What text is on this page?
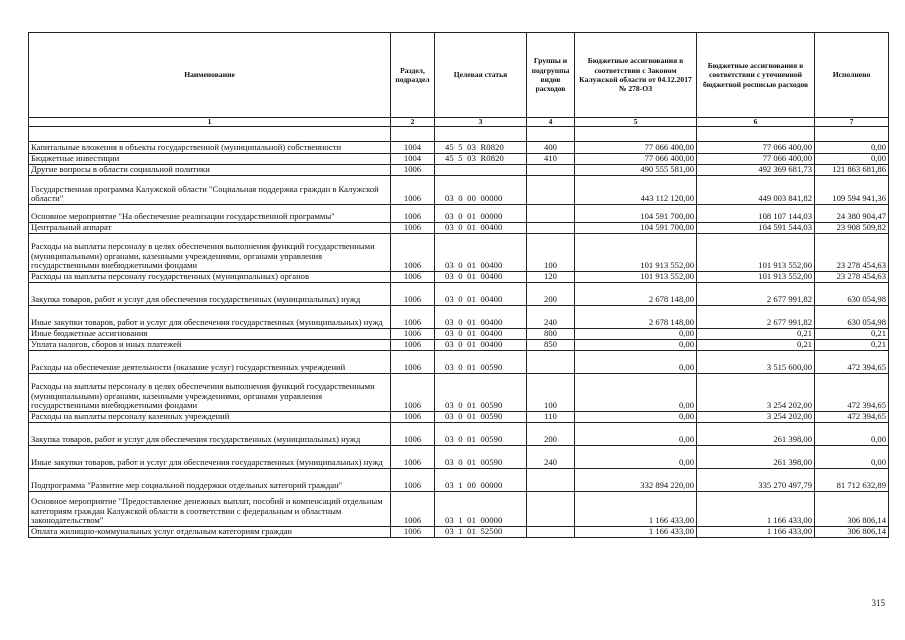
Наименование	Раздел, подраздел	Целевая статья	Группы и подгруппы видов расходов	Бюджетные ассигнования в соответствии с Законом Калужской области от 04.12.2017 № 278-ОЗ	Бюджетные ассигнования в соответствии с уточненной бюджетной росписью расходов	Исполнено
1	2	3	4	5	6	7

Капитальные вложения в объекты государственной (муниципальной) собственности	1004	45  5  03  R0820	400	77 066 400,00	77 066 400,00	0,00
Бюджетные инвестиции	1004	45  5  03  R0820	410	77 066 400,00	77 066 400,00	0,00
Другие вопросы в области социальной политики	1006			490 555 581,00	492 369 681,73	121 863 681,86
Государственная программа Калужской области "Социальная поддержка граждан в Калужской области"	1006	03  0  00  00000		443 112 120,00	449 003 841,82	109 594 941,36
Основное мероприятие "На обеспечение реализации государственной программы"	1006	03  0  01  00000		104 591 700,00	108 107 144,03	24 380 904,47
Центральный аппарат	1006	03  0  01  00400		104 591 700,00	104 591 544,03	23 908 509,82
Расходы на выплаты персоналу в целях обеспечения выполнения функций государственными (муниципальными) органами, казенными учреждениями, органами управления государственными внебюджетными фондами	1006	03  0  01  00400	100	101 913 552,00	101 913 552,00	23 278 454,63
Расходы на выплаты персоналу государственных (муниципальных) органов	1006	03  0  01  00400	120	101 913 552,00	101 913 552,00	23 278 454,63
Закупка товаров, работ и услуг для обеспечения государственных (муниципальных) нужд	1006	03  0  01  00400	200	2 678 148,00	2 677 991,82	630 054,98
Иные закупки товаров, работ и услуг для обеспечения государственных (муниципальных) нужд	1006	03  0  01  00400	240	2 678 148,00	2 677 991,82	630 054,98
Иные бюджетные ассигнования	1006	03  0  01  00400	800	0,00	0,21	0,21
Уплата налогов, сборов и иных платежей	1006	03  0  01  00400	850	0,00	0,21	0,21
Расходы на обеспечение деятельности (оказание услуг) государственных учреждений	1006	03  0  01  00590		0,00	3 515 600,00	472 394,65
Расходы на выплаты персоналу в целях обеспечения выполнения функций государственными (муниципальными) органами, казенными учреждениями, органами управления государственными внебюджетными фондами	1006	03  0  01  00590	100	0,00	3 254 202,00	472 394,65
Расходы на выплаты персоналу казенных учреждений	1006	03  0  01  00590	110	0,00	3 254 202,00	472 394,65
Закупка товаров, работ и услуг для обеспечения государственных (муниципальных) нужд	1006	03  0  01  00590	200	0,00	261 398,00	0,00
Иные закупки товаров, работ и услуг для обеспечения государственных (муниципальных) нужд	1006	03  0  01  00590	240	0,00	261 398,00	0,00
Подпрограмма "Развитие мер социальной поддержки отдельных категорий граждан"	1006	03  1  00  00000		332 894 220,00	335 270 497,79	81 712 632,89
Основное мероприятие "Предоставление денежных выплат, пособий и компенсаций отдельным категориям граждан Калужской области в соответствии с федеральным и областным законодательством"	1006	03  1  01  00000		1 166 433,00	1 166 433,00	306 806,14
Оплата жилищно-коммунальных услуг отдельным категориям граждан	1006	03  1  01  52500		1 166 433,00	1 166 433,00	306 806,14
315
